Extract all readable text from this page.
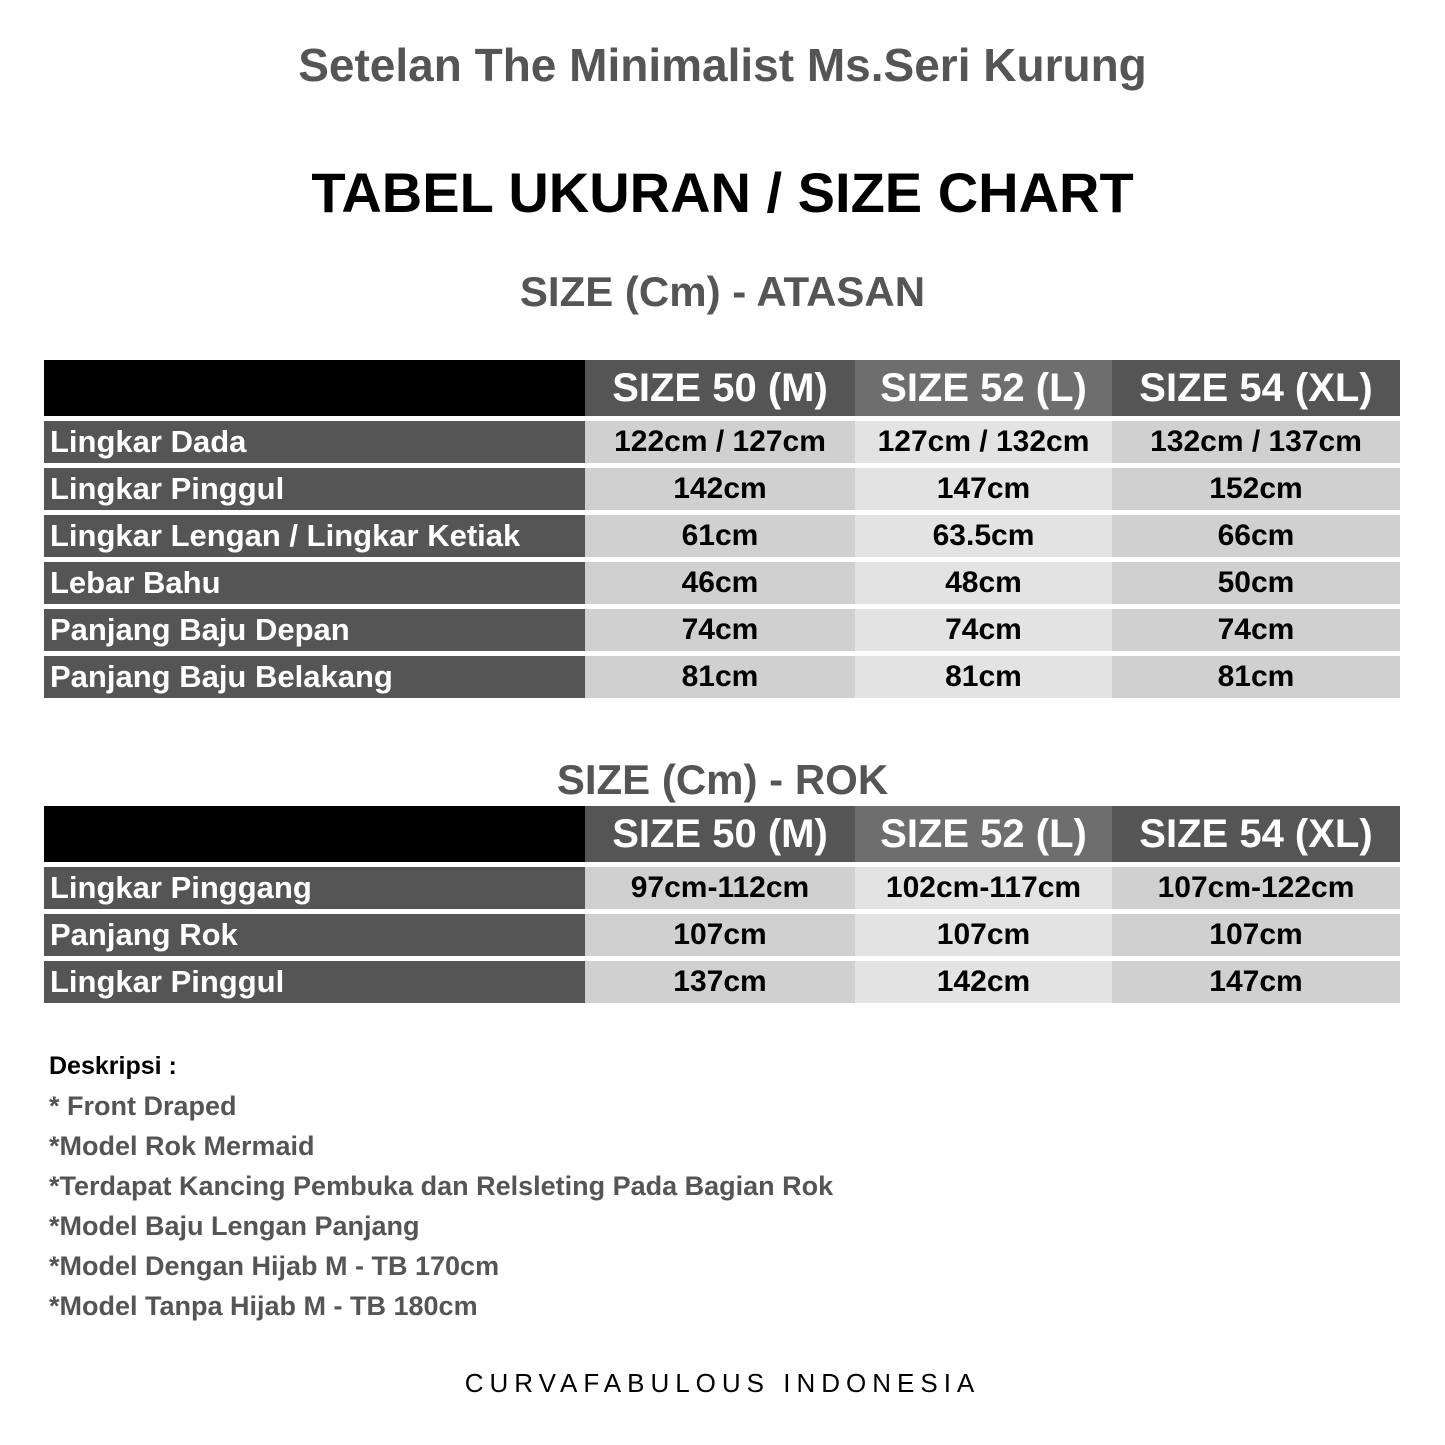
Setelan The Minimalist Ms.Seri Kurung
TABEL UKURAN / SIZE CHART
SIZE (Cm) - ATASAN
	SIZE 50 (M)	SIZE 52 (L)	SIZE 54 (XL)
Lingkar Dada	122cm / 127cm	127cm / 132cm	132cm / 137cm
Lingkar Pinggul	142cm	147cm	152cm
Lingkar Lengan / Lingkar Ketiak	61cm	63.5cm	66cm
Lebar Bahu	46cm	48cm	50cm
Panjang Baju Depan	74cm	74cm	74cm
Panjang Baju Belakang	81cm	81cm	81cm
SIZE (Cm) - ROK
	SIZE 50 (M)	SIZE 52 (L)	SIZE 54 (XL)
Lingkar Pinggang	97cm-112cm	102cm-117cm	107cm-122cm
Panjang Rok	107cm	107cm	107cm
Lingkar Pinggul	137cm	142cm	147cm
Deskripsi :
* Front Draped
*Model Rok Mermaid
*Terdapat Kancing Pembuka dan Relsleting Pada Bagian Rok
*Model Baju Lengan Panjang
*Model Dengan Hijab M - TB 170cm
*Model Tanpa Hijab M - TB 180cm
CURVAFABULOUS INDONESIA
